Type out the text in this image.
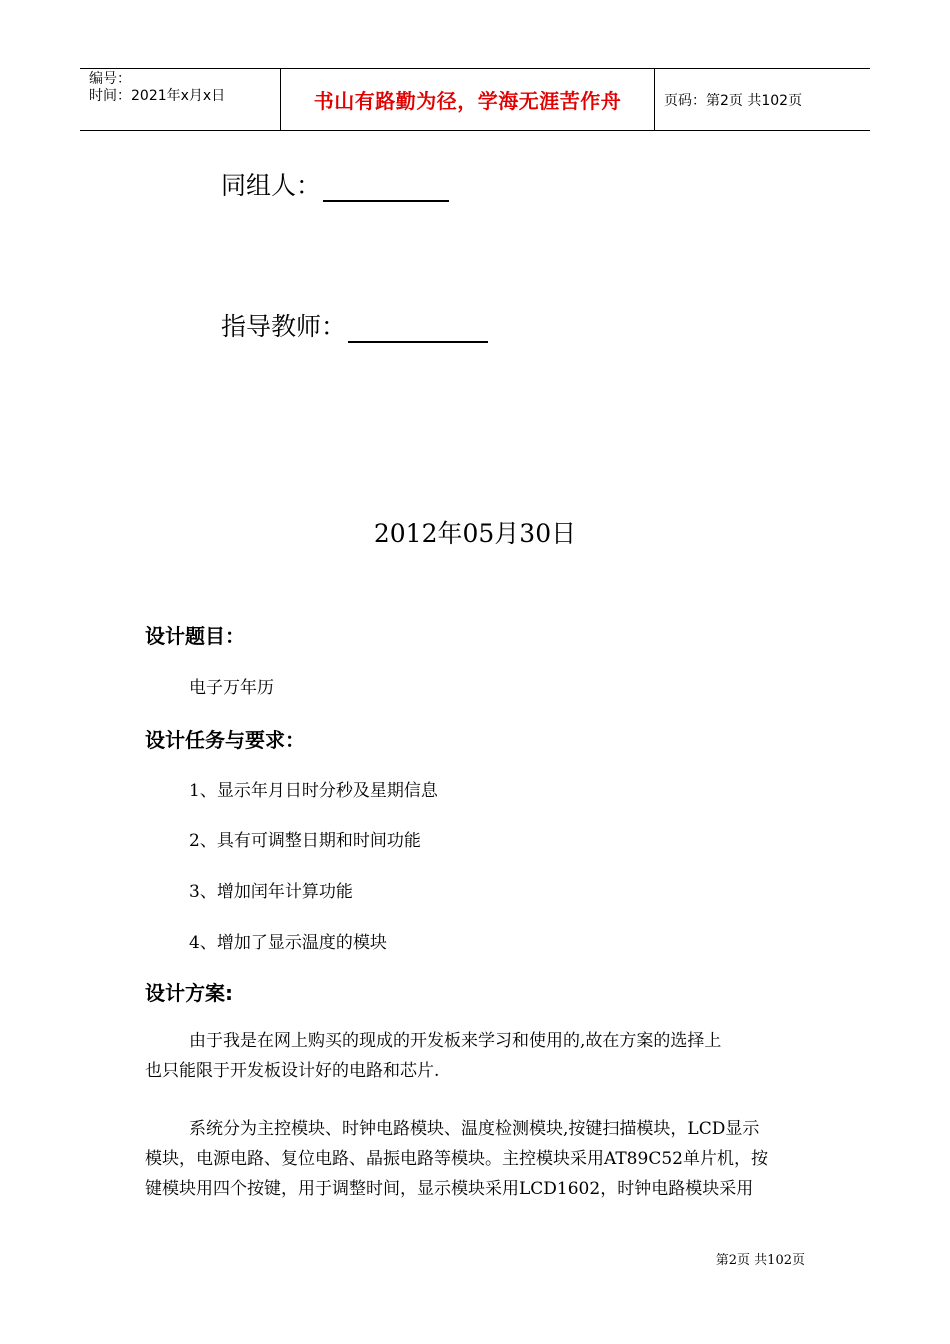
编号：
时间：2021年x月x日	书山有路勤为径，学海无涯苦作舟	页码：第2页 共102页
同组人：
指导教师：
2012年05月30日
设计题目：
电子万年历
设计任务与要求：
1、显示年月日时分秒及星期信息
2、具有可调整日期和时间功能
3、增加闰年计算功能
4、增加了显示温度的模块
设计方案:
由于我是在网上购买的现成的开发板来学习和使用的,故在方案的选择上
也只能限于开发板设计好的电路和芯片.
系统分为主控模块、时钟电路模块、温度检测模块,按键扫描模块，LCD显示
模块，电源电路、复位电路、晶振电路等模块。主控模块采用AT89C52单片机，按
键模块用四个按键，用于调整时间，显示模块采用LCD1602，时钟电路模块采用
第2页 共102页
